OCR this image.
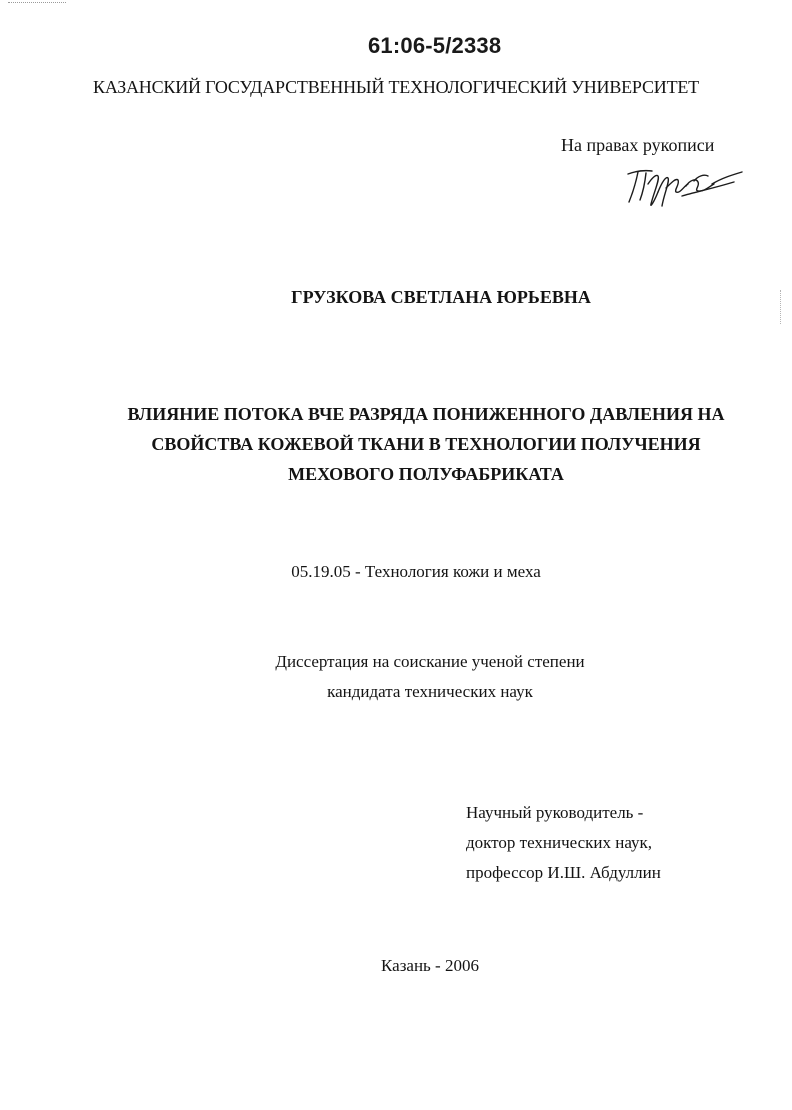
61:06-5/2338
КАЗАНСКИЙ ГОСУДАРСТВЕННЫЙ ТЕХНОЛОГИЧЕСКИЙ УНИВЕРСИТЕТ
На правах рукописи
ГРУЗКОВА СВЕТЛАНА ЮРЬЕВНА
ВЛИЯНИЕ ПОТОКА ВЧЕ РАЗРЯДА ПОНИЖЕННОГО ДАВЛЕНИЯ НА
СВОЙСТВА КОЖЕВОЙ ТКАНИ В ТЕХНОЛОГИИ ПОЛУЧЕНИЯ
МЕХОВОГО ПОЛУФАБРИКАТА
05.19.05 - Технология кожи и меха
Диссертация на соискание ученой степени
кандидата технических наук
Научный руководитель -
доктор технических наук,
профессор И.Ш. Абдуллин
Казань - 2006
